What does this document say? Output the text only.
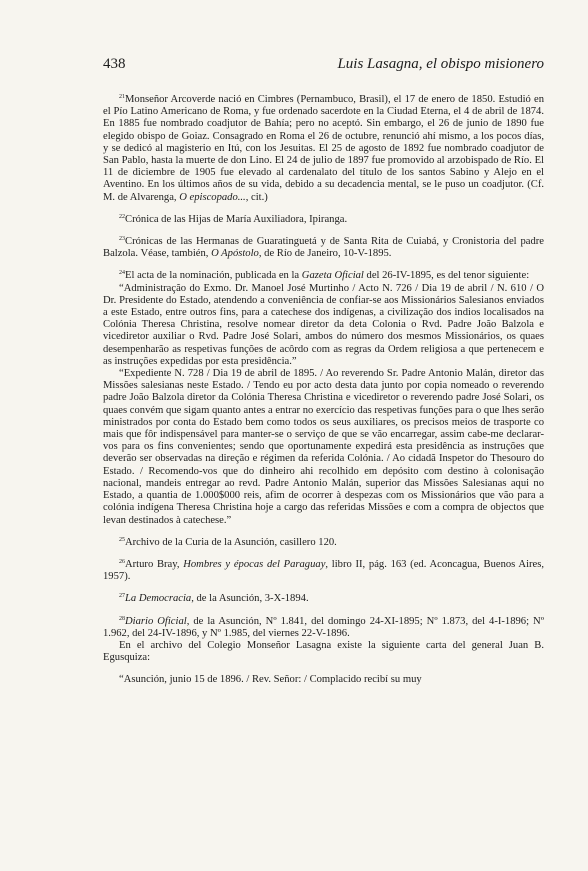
438	Luis Lasagna, el obispo misionero

$^{21}$Monseñor Arcoverde nació en Cimbres (Pernambuco, Brasil), el 17 de enero de 1850. Estudió en el Pío Latino Americano de Roma, y fue ordenado sacerdote en la Ciudad Eterna, el 4 de abril de 1874. En 1885 fue nombrado coadjutor de Bahía; pero no aceptó. Sin embargo, el 26 de junio de 1890 fue elegido obispo de Goiaz. Consagrado en Roma el 26 de octubre, renunció ahí mismo, a los pocos días, y se dedicó al magisterio en Itú, con los Jesuitas. El 25 de agosto de 1892 fue nombrado coadjutor de San Pablo, hasta la muerte de don Lino. El 24 de julio de 1897 fue promovido al arzobispado de Río. El 11 de diciembre de 1905 fue elevado al cardenalato del título de los santos Sabino y Alejo en el Aventino. En los últimos años de su vida, debido a su decadencia mental, se le puso un coadjutor. (Cf. M. de Alvarenga, O episcopado..., cit.)

$^{22}$Crónica de las Hijas de María Auxiliadora, Ipiranga.

$^{23}$Crónicas de las Hermanas de Guaratinguetá y de Santa Rita de Cuiabá, y Cronistoria del padre Balzola. Véase, también, O Apóstolo, de Río de Janeiro, 10-V-1895.

$^{24}$El acta de la nominación, publicada en la Gazeta Oficial del 26-IV-1895, es del tenor siguiente:

“Administração do Exmo. Dr. Manoel José Murtinho / Acto N. 726 / Dia 19 de abril / N. 610 / O Dr. Presidente do Estado, atendendo a conveniência de confiar-se aos Missionários Salesianos enviados a este Estado, entre outros fins, para a catechese dos indígenas, a civilização dos indios localisados na Colónia Theresa Christina, resolve nomear diretor da deta Colonia o Rvd. Padre João Balzola e vicediretor auxiliar o Rvd. Padre José Solari, ambos do número dos mesmos Missionários, os quaes desempenharão as respetivas funções de acôrdo com as regras da Ordem religiosa a que pertenecem e as instruções expedidas por esta presidência.”

“Expediente N. 728 / Dia 19 de abril de 1895. / Ao reverendo Sr. Padre Antonio Malán, diretor das Missões salesianas neste Estado. / Tendo eu por acto desta data junto por copia nomeado o reverendo padre João Balzola diretor da Colónia Theresa Christina e vicediretor o reverendo padre José Solari, os quaes convém que sigam quanto antes a entrar no exercício das respetivas funções para o que lhes serão ministrados por conta do Estado bem como todos os seus auxiliares, os precisos meios de trasporte co mais que fôr indispensável para manter-se o serviço de que se vão encarregar, assim cabe-me declarar-vos para os fins convenientes; sendo que oportunamente expedirá esta presidência as instruções que deverão ser observadas na direção e régimen da referida Colónia. / Ao cidadã Inspetor do Thesouro do Estado. / Recomendo-vos que do dinheiro ahi recolhido em depósito com destino à colonisação nacional, mandeis entregar ao revd. Padre Antonio Malán, superior das Missões Salesianas aqui no Estado, a quantia de 1.000$000 reis, afim de ocorrer à despezas com os Missionários que vão para a colónia indígena Theresa Christina hoje a cargo das referidas Missões e com a compra de objectos que levan destinados à catechese.”

$^{25}$Archivo de la Curia de la Asunción, casillero 120.

$^{26}$Arturo Bray, Hombres y épocas del Paraguay, libro II, pág. 163 (ed. Aconcagua, Buenos Aires, 1957).

$^{27}$La Democracia, de la Asunción, 3-X-1894.

$^{28}$Diario Oficial, de la Asunción, Nº 1.841, del domingo 24-XI-1895; Nº 1.873, del 4-I-1896; Nº 1.962, del 24-IV-1896, y Nº 1.985, del viernes 22-V-1896.

En el archivo del Colegio Monseñor Lasagna existe la siguiente carta del general Juan B. Egusquiza:

“Asunción, junio 15 de 1896. / Rev. Señor: / Complacido recibí su muy
